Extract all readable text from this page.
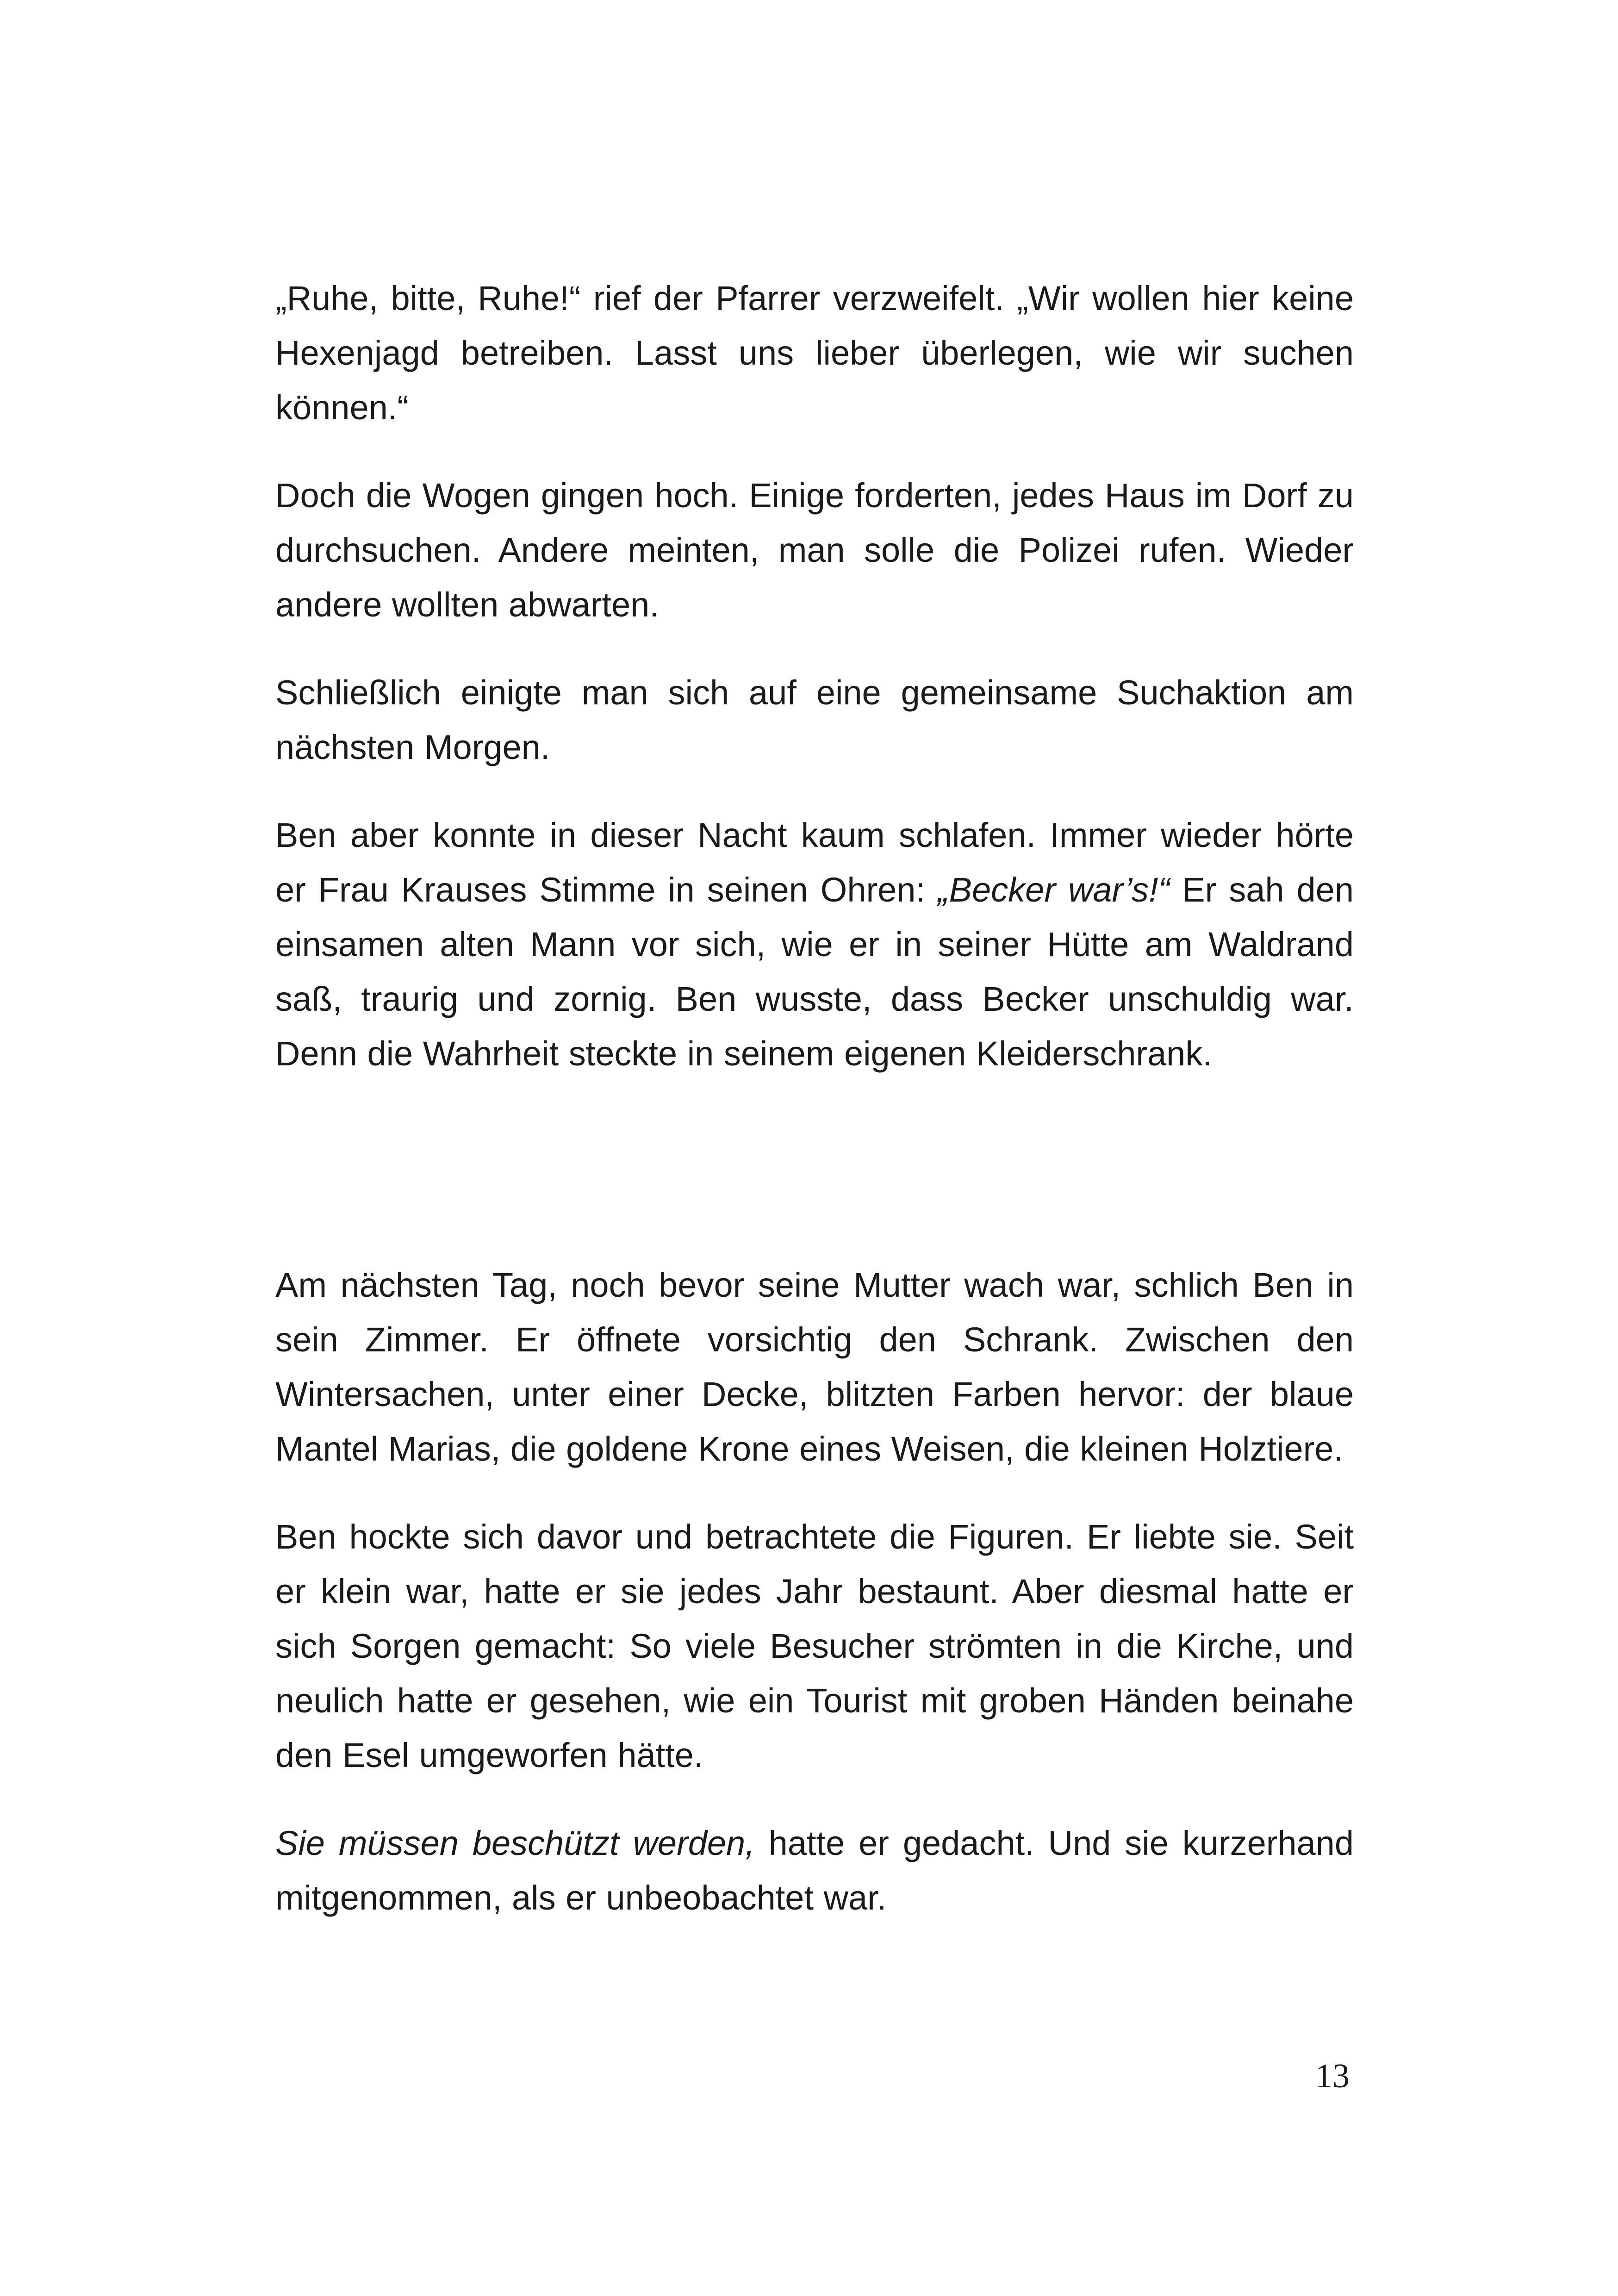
„Ruhe, bitte, Ruhe!“ rief der Pfarrer verzweifelt. „Wir wollen hier keine Hexenjagd betreiben. Lasst uns lieber überlegen, wie wir suchen können.“

Doch die Wogen gingen hoch. Einige forderten, jedes Haus im Dorf zu durchsuchen. Andere meinten, man solle die Polizei rufen. Wieder andere wollten abwarten.

Schließlich einigte man sich auf eine gemeinsame Suchaktion am nächsten Morgen.

Ben aber konnte in dieser Nacht kaum schlafen. Immer wieder hörte er Frau Krauses Stimme in seinen Ohren: „Becker war’s!“ Er sah den einsamen alten Mann vor sich, wie er in seiner Hütte am Waldrand saß, traurig und zornig. Ben wusste, dass Becker unschuldig war. Denn die Wahrheit steckte in seinem eigenen Kleiderschrank.

Am nächsten Tag, noch bevor seine Mutter wach war, schlich Ben in sein Zimmer. Er öffnete vorsichtig den Schrank. Zwischen den Wintersachen, unter einer Decke, blitzten Farben hervor: der blaue Mantel Marias, die goldene Krone eines Weisen, die kleinen Holztiere.

Ben hockte sich davor und betrachtete die Figuren. Er liebte sie. Seit er klein war, hatte er sie jedes Jahr bestaunt. Aber diesmal hatte er sich Sorgen gemacht: So viele Besucher strömten in die Kirche, und neulich hatte er gesehen, wie ein Tourist mit groben Händen beinahe den Esel umgeworfen hätte.

Sie müssen beschützt werden, hatte er gedacht. Und sie kurzerhand mitgenommen, als er unbeobachtet war.

13
